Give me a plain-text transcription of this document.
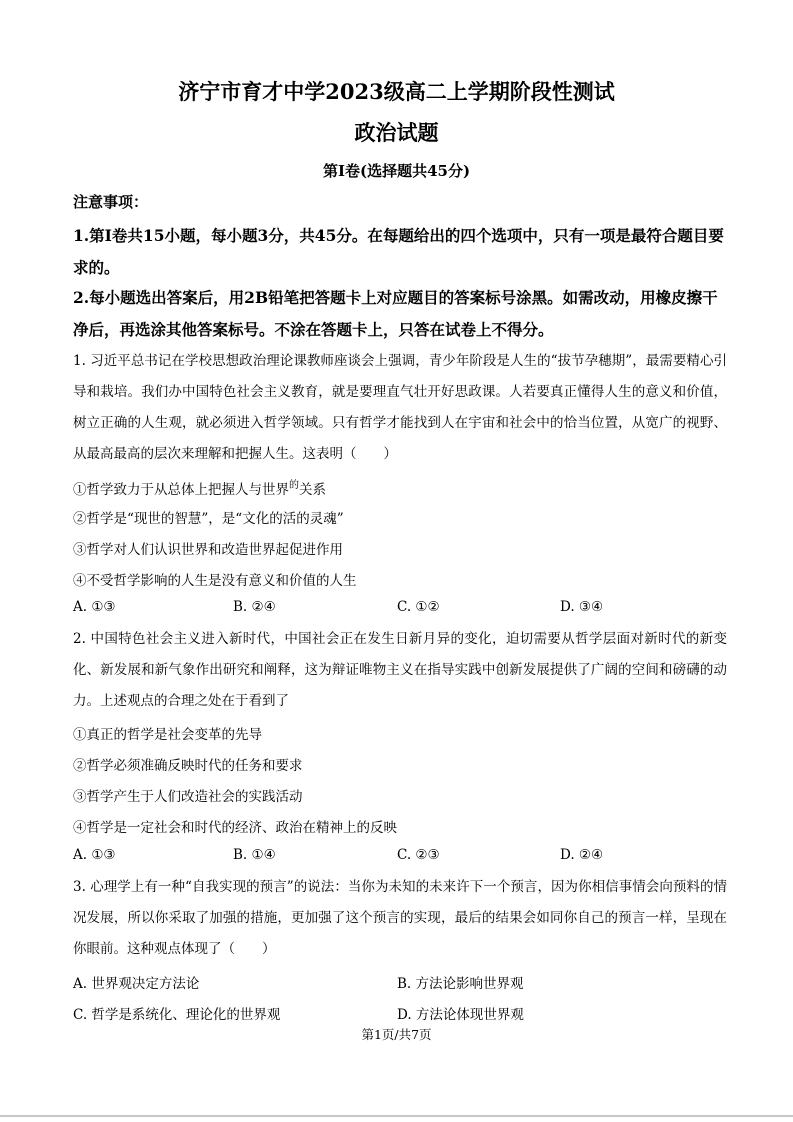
济宁市育才中学2023级高二上学期阶段性测试
政治试题
第Ⅰ卷(选择题共45分)
注意事项：
1.第Ⅰ卷共15小题，每小题3分，共45分。在每题给出的四个选项中，只有一项是最符合题目要求的。
2.每小题选出答案后，用2B铅笔把答题卡上对应题目的答案标号涂黑。如需改动，用橡皮擦干净后，再选涂其他答案标号。不涂在答题卡上，只答在试卷上不得分。
1. 习近平总书记在学校思想政治理论课教师座谈会上强调，青少年阶段是人生的“拔节孕穗期”，最需要精心引导和栽培。我们办中国特色社会主义教育，就是要理直气壮开好思政课。人若要真正懂得人生的意义和价值，树立正确的人生观，就必须进入哲学领域。只有哲学才能找到人在宇宙和社会中的恰当位置，从宽广的视野、从最高最高的层次来理解和把握人生。这表明（　　）
①哲学致力于从总体上把握人与世界$^的$关系
②哲学是“现世的智慧”，是“文化的活的灵魂”
③哲学对人们认识世界和改造世界起促进作用
④不受哲学影响的人生是没有意义和价值的人生
A. ①③	B. ②④	C. ①②	D. ③④
2. 中国特色社会主义进入新时代，中国社会正在发生日新月异的变化，迫切需要从哲学层面对新时代的新变化、新发展和新气象作出研究和阐释，这为辩证唯物主义在指导实践中创新发展提供了广阔的空间和磅礴的动力。上述观点的合理之处在于看到了
①真正的哲学是社会变革的先导
②哲学必须准确反映时代的任务和要求
③哲学产生于人们改造社会的实践活动
④哲学是一定社会和时代的经济、政治在精神上的反映
A. ①③	B. ①④	C. ②③	D. ②④
3. 心理学上有一种“自我实现的预言”的说法：当你为未知的未来许下一个预言，因为你相信事情会向预料的情况发展，所以你采取了加强的措施，更加强了这个预言的实现，最后的结果会如同你自己的预言一样，呈现在你眼前。这种观点体现了（　　）
A. 世界观决定方法论	B. 方法论影响世界观
C. 哲学是系统化、理论化的世界观	D. 方法论体现世界观
第1页/共7页
